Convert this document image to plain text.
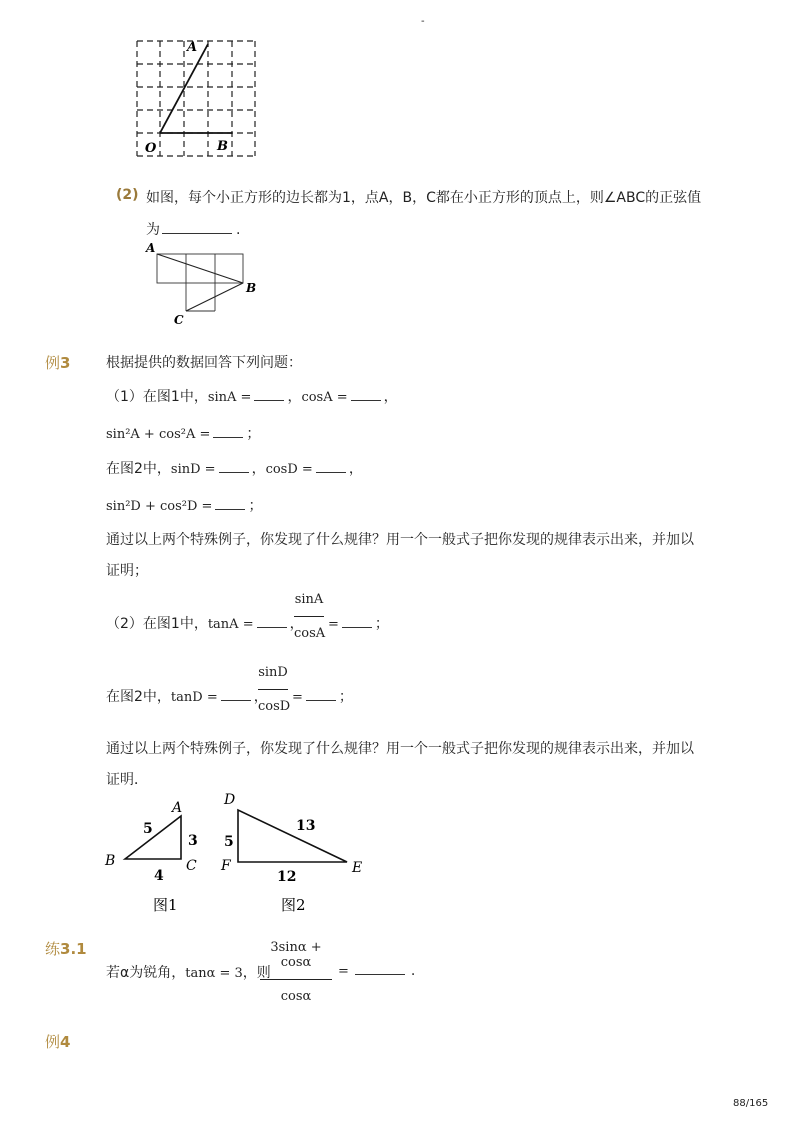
-
A
O	B
(2) 如图，每个小正方形的边长都为1，点A，B，C都在小正方形的顶点上，则∠ABC的正弦值
为	.
A
B
C
例3	根据提供的数据回答下列问题：
（1）在图1中，sinA =	，cosA =	，
sin²A + cos²A =	；
在图2中，sinD =	，cosD =	，
sin²D + cos²D =	；
通过以上两个特殊例子，你发现了什么规律？用一个一般式子把你发现的规律表示出来，并加以
证明；
（2）在图1中，tanA =	，
sinA
cosA
=	；
在图2中，tanD =	，
sinD
cosD
=	；
通过以上两个特殊例子，你发现了什么规律？用一个一般式子把你发现的规律表示出来，并加以
证明．
A
B	C
5
3
4
图1
D
F	E
5
13
12
图2
练3.1
若α为锐角，tanα = 3，则
3sinα + cosα
cosα
=	.
例4
88/165
